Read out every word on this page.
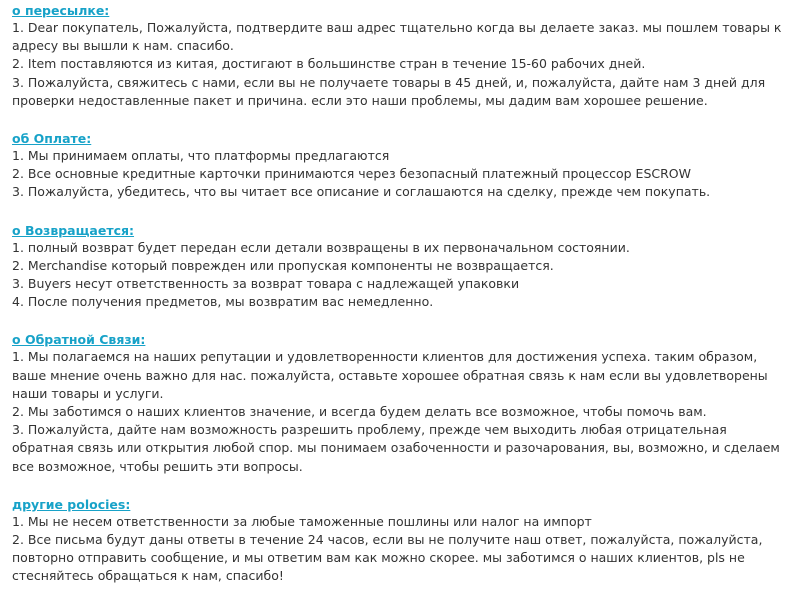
о пересылке:
1. Dear покупатель, Пожалуйста, подтвердите ваш адрес тщательно когда вы делаете заказ. мы пошлем товары к адресу вы вышли к нам. спасибо.
2. Item поставляются из китая, достигают в большинстве стран в течение 15-60 рабочих дней.
3. Пожалуйста, свяжитесь с нами, если вы не получаете товары в 45 дней, и, пожалуйста, дайте нам 3 дней для проверки недоставленные пакет и причина. если это наши проблемы, мы дадим вам хорошее решение.
об Оплате:
1. Мы принимаем оплаты, что платформы предлагаются
2. Все основные кредитные карточки принимаются через безопасный платежный процессор ESCROW
3. Пожалуйста, убедитесь, что вы читает все описание и соглашаются на сделку, прежде чем покупать.
о Возвращается:
1. полный возврат будет передан если детали возвращены в их первоначальном состоянии.
2. Merchandise который поврежден или пропуская компоненты не возвращается.
3. Buyers несут ответственность за возврат товара с надлежащей упаковки
4. После получения предметов, мы возвратим вас немедленно.
о Обратной Связи:
1. Мы полагаемся на наших репутации и удовлетворенности клиентов для достижения успеха. таким образом, ваше мнение очень важно для нас. пожалуйста, оставьте хорошее обратная связь к нам если вы удовлетворены наши товары и услуги.
2. Мы заботимся о наших клиентов значение, и всегда будем делать все возможное, чтобы помочь вам.
3. Пожалуйста, дайте нам возможность разрешить проблему, прежде чем выходить любая отрицательная обратная связь или открытия любой спор. мы понимаем озабоченности и разочарования, вы, возможно, и сделаем все возможное, чтобы решить эти вопросы.
другие polocies:
1. Мы не несем ответственности за любые таможенные пошлины или налог на импорт
2. Все письма будут даны ответы в течение 24 часов, если вы не получите наш ответ, пожалуйста, пожалуйста, повторно отправить сообщение, и мы ответим вам как можно скорее. мы заботимся о наших клиентов, pls не стесняйтесь обращаться к нам, спасибо!
